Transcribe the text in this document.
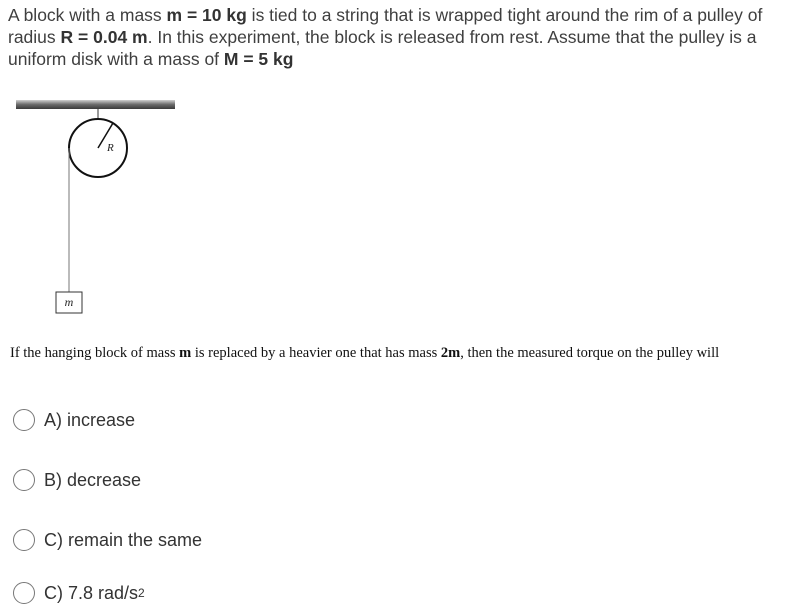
A block with a mass m = 10 kg is tied to a string that is wrapped tight around the rim of a pulley of radius R = 0.04 m. In this experiment, the block is released from rest. Assume that the pulley is a uniform disk with a mass of M = 5 kg
R
m
If the hanging block of mass m is replaced by a heavier one that has mass 2m, then the measured torque on the pulley will
A) increase
B) decrease
C) remain the same
C) 7.8 rad/s 2
